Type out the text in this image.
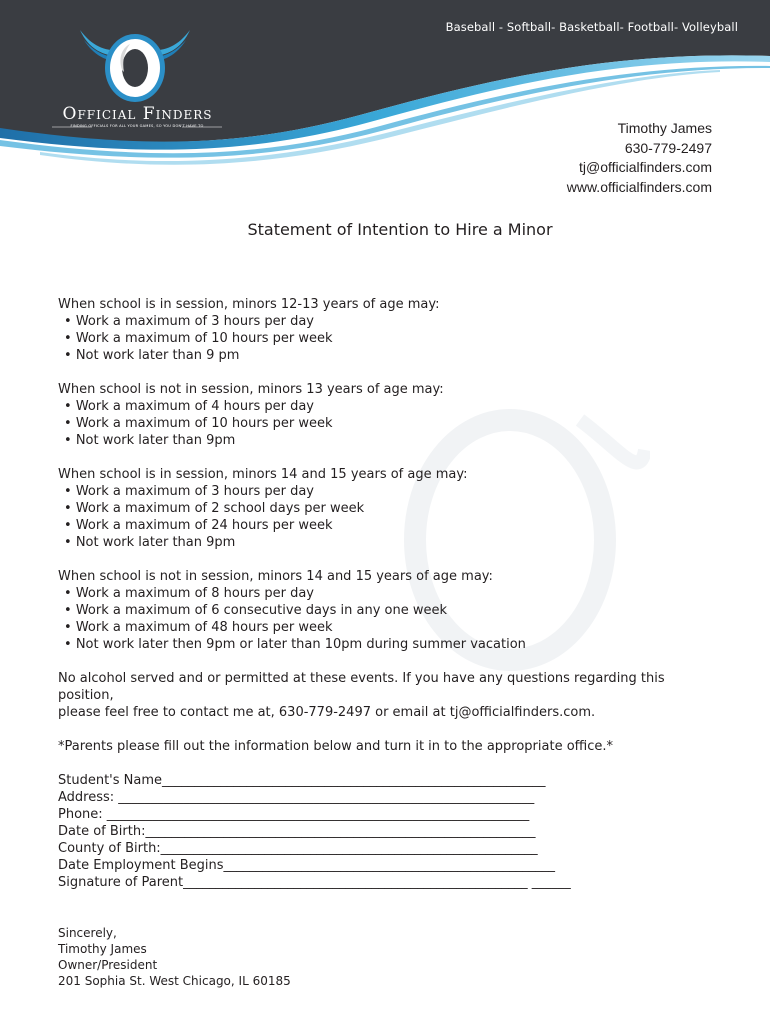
Baseball - Softball- Basketball- Football- Volleyball
Official Finders
FINDING OFFICIALS FOR ALL YOUR GAMES, SO YOU DON'T HAVE TO	Timothy James
630-779-2497
tj@officialfinders.com
www.officialfinders.com
Statement of Intention to Hire a Minor
When school is in session, minors 12-13 years of age may:
• Work a maximum of 3 hours per day
• Work a maximum of 10 hours per week
• Not work later than 9 pm
When school is not in session, minors 13 years of age may:
• Work a maximum of 4 hours per day
• Work a maximum of 10 hours per week
• Not work later than 9pm
When school is in session, minors 14 and 15 years of age may:
• Work a maximum of 3 hours per day
• Work a maximum of 2 school days per week
• Work a maximum of 24 hours per week
• Not work later than 9pm
When school is not in session, minors 14 and 15 years of age may:
• Work a maximum of 8 hours per day
• Work a maximum of 6 consecutive days in any one week
• Work a maximum of 48 hours per week
• Not work later then 9pm or later than 10pm during summer vacation
No alcohol served and or permitted at these events. If you have any questions regarding this position,
please feel free to contact me at, 630-779-2497 or email at tj@officialfinders.com.
*Parents please fill out the information below and turn it in to the appropriate office.*
Student's Name___________________________________________________________
Address: ________________________________________________________________
Phone: _________________________________________________________________
Date of Birth:____________________________________________________________
County of Birth:__________________________________________________________
Date Employment Begins___________________________________________________
Signature of Parent_____________________________________________________ ______
Sincerely,
Timothy James
Owner/President
201 Sophia St. West Chicago, IL 60185
